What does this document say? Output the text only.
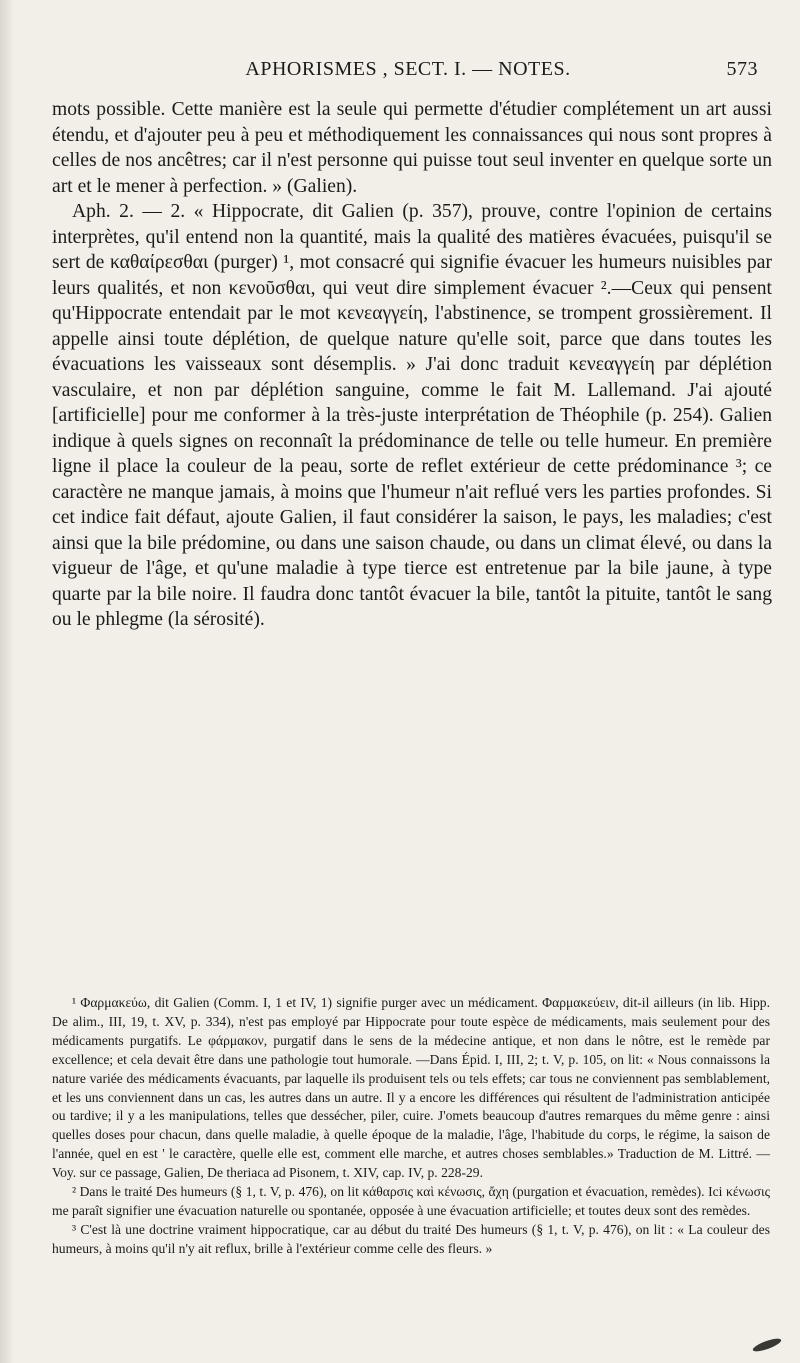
APHORISMES , SECT. I. — NOTES.	573

mots possible. Cette manière est la seule qui permette d'étudier complétement un art aussi étendu, et d'ajouter peu à peu et méthodiquement les connaissances qui nous sont propres à celles de nos ancêtres; car il n'est personne qui puisse tout seul inventer en quelque sorte un art et le mener à perfection. » (Galien).

Aph. 2. — 2. « Hippocrate, dit Galien (p. 357), prouve, contre l'opinion de certains interprètes, qu'il entend non la quantité, mais la qualité des matières évacuées, puisqu'il se sert de καθαίρεσθαι (purger) ¹, mot consacré qui signifie évacuer les humeurs nuisibles par leurs qualités, et non κενοῦσθαι, qui veut dire simplement évacuer ².—Ceux qui pensent qu'Hippocrate entendait par le mot κενεαγγείη, l'abstinence, se trompent grossièrement. Il appelle ainsi toute déplétion, de quelque nature qu'elle soit, parce que dans toutes les évacuations les vaisseaux sont désemplis. » J'ai donc traduit κενεαγγείη par déplétion vasculaire, et non par déplétion sanguine, comme le fait M. Lallemand. J'ai ajouté [artificielle] pour me conformer à la très-juste interprétation de Théophile (p. 254). Galien indique à quels signes on reconnaît la prédominance de telle ou telle humeur. En première ligne il place la couleur de la peau, sorte de reflet extérieur de cette prédominance ³; ce caractère ne manque jamais, à moins que l'humeur n'ait reflué vers les parties profondes. Si cet indice fait défaut, ajoute Galien, il faut considérer la saison, le pays, les maladies; c'est ainsi que la bile prédomine, ou dans une saison chaude, ou dans un climat élevé, ou dans la vigueur de l'âge, et qu'une maladie à type tierce est entretenue par la bile jaune, à type quarte par la bile noire. Il faudra donc tantôt évacuer la bile, tantôt la pituite, tantôt le sang ou le phlegme (la sérosité).

¹ Φαρμακεύω, dit Galien (Comm. I, 1 et IV, 1) signifie purger avec un médicament. Φαρμακεύειν, dit-il ailleurs (in lib. Hipp. De alim., III, 19, t. XV, p. 334), n'est pas employé par Hippocrate pour toute espèce de médicaments, mais seulement pour des médicaments purgatifs. Le φάρμακον, purgatif dans le sens de la médecine antique, et non dans le nôtre, est le remède par excellence; et cela devait être dans une pathologie tout humorale. —Dans Épid. I, III, 2; t. V, p. 105, on lit: « Nous connaissons la nature variée des médicaments évacuants, par laquelle ils produisent tels ou tels effets; car tous ne conviennent pas semblablement, et les uns conviennent dans un cas, les autres dans un autre. Il y a encore les différences qui résultent de l'administration anticipée ou tardive; il y a les manipulations, telles que dessécher, piler, cuire. J'omets beaucoup d'autres remarques du même genre : ainsi quelles doses pour chacun, dans quelle maladie, à quelle époque de la maladie, l'âge, l'habitude du corps, le régime, la saison de l'année, quel en est ' le caractère, quelle elle est, comment elle marche, et autres choses semblables.» Traduction de M. Littré. — Voy. sur ce passage, Galien, De theriaca ad Pisonem, t. XIV, cap. IV, p. 228-29.

² Dans le traité Des humeurs (§ 1, t. V, p. 476), on lit κάθαρσις καὶ κένωσις, ἄχη (purgation et évacuation, remèdes). Ici κένωσις me paraît signifier une évacuation naturelle ou spontanée, opposée à une évacuation artificielle; et toutes deux sont des remèdes.

³ C'est là une doctrine vraiment hippocratique, car au début du traité Des humeurs (§ 1, t. V, p. 476), on lit : « La couleur des humeurs, à moins qu'il n'y ait reflux, brille à l'extérieur comme celle des fleurs. »
